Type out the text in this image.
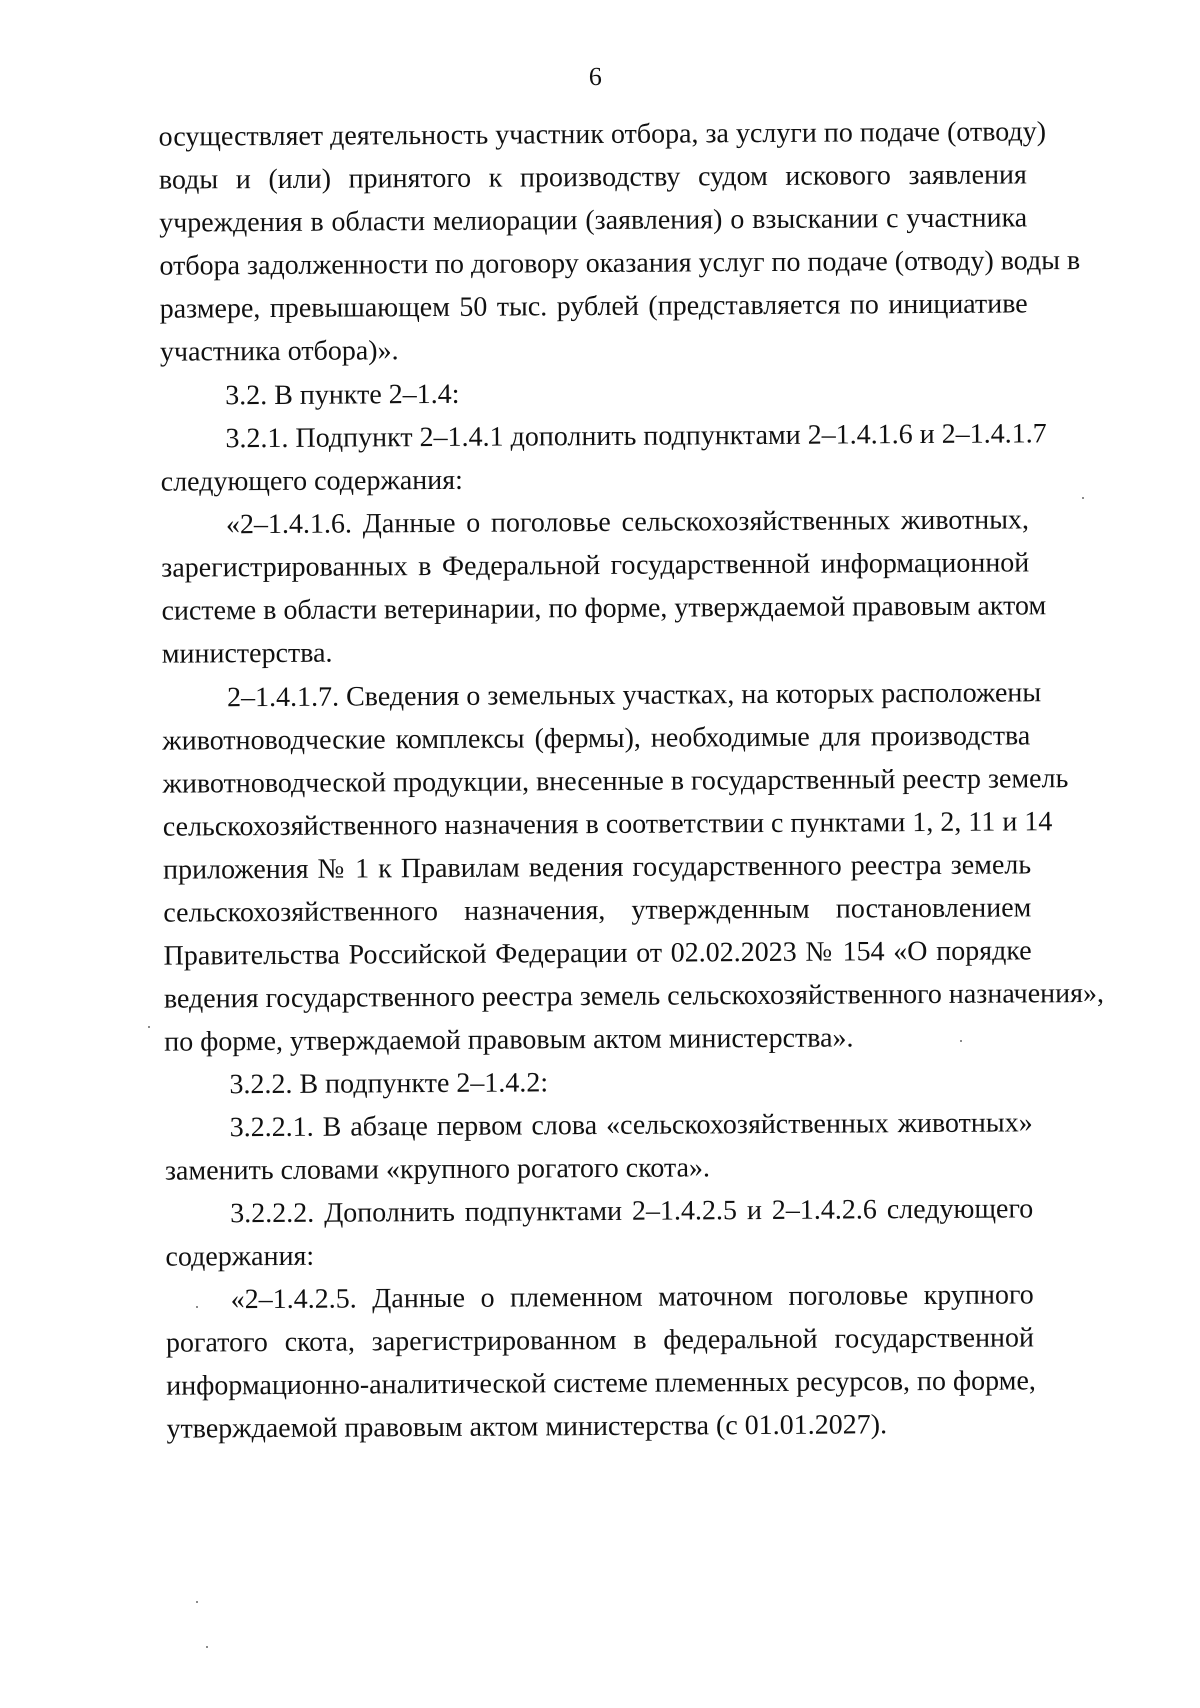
6
осуществляет деятельность участник отбора, за услуги по подаче (отводу)
воды и (или) принятого к производству судом искового заявления
учреждения в области мелиорации (заявления) о взыскании с участника
отбора задолженности по договору оказания услуг по подаче (отводу) воды в
размере, превышающем 50 тыс. рублей (представляется по инициативе
участника отбора)».
3.2. В пункте 2–1.4:
3.2.1. Подпункт 2–1.4.1 дополнить подпунктами 2–1.4.1.6 и 2–1.4.1.7
следующего содержания:
«2–1.4.1.6. Данные о поголовье сельскохозяйственных животных,
зарегистрированных в Федеральной государственной информационной
системе в области ветеринарии, по форме, утверждаемой правовым актом
министерства.
2–1.4.1.7. Сведения о земельных участках, на которых расположены
животноводческие комплексы (фермы), необходимые для производства
животноводческой продукции, внесенные в государственный реестр земель
сельскохозяйственного назначения в соответствии с пунктами 1, 2, 11 и 14
приложения № 1 к Правилам ведения государственного реестра земель
сельскохозяйственного назначения, утвержденным постановлением
Правительства Российской Федерации от 02.02.2023 № 154 «О порядке
ведения государственного реестра земель сельскохозяйственного назначения»,
по форме, утверждаемой правовым актом министерства».
3.2.2. В подпункте 2–1.4.2:
3.2.2.1. В абзаце первом слова «сельскохозяйственных животных»
заменить словами «крупного рогатого скота».
3.2.2.2. Дополнить подпунктами 2–1.4.2.5 и 2–1.4.2.6 следующего
содержания:
«2–1.4.2.5. Данные о племенном маточном поголовье крупного
рогатого скота, зарегистрированном в федеральной государственной
информационно-аналитической системе племенных ресурсов, по форме,
утверждаемой правовым актом министерства (с 01.01.2027).
